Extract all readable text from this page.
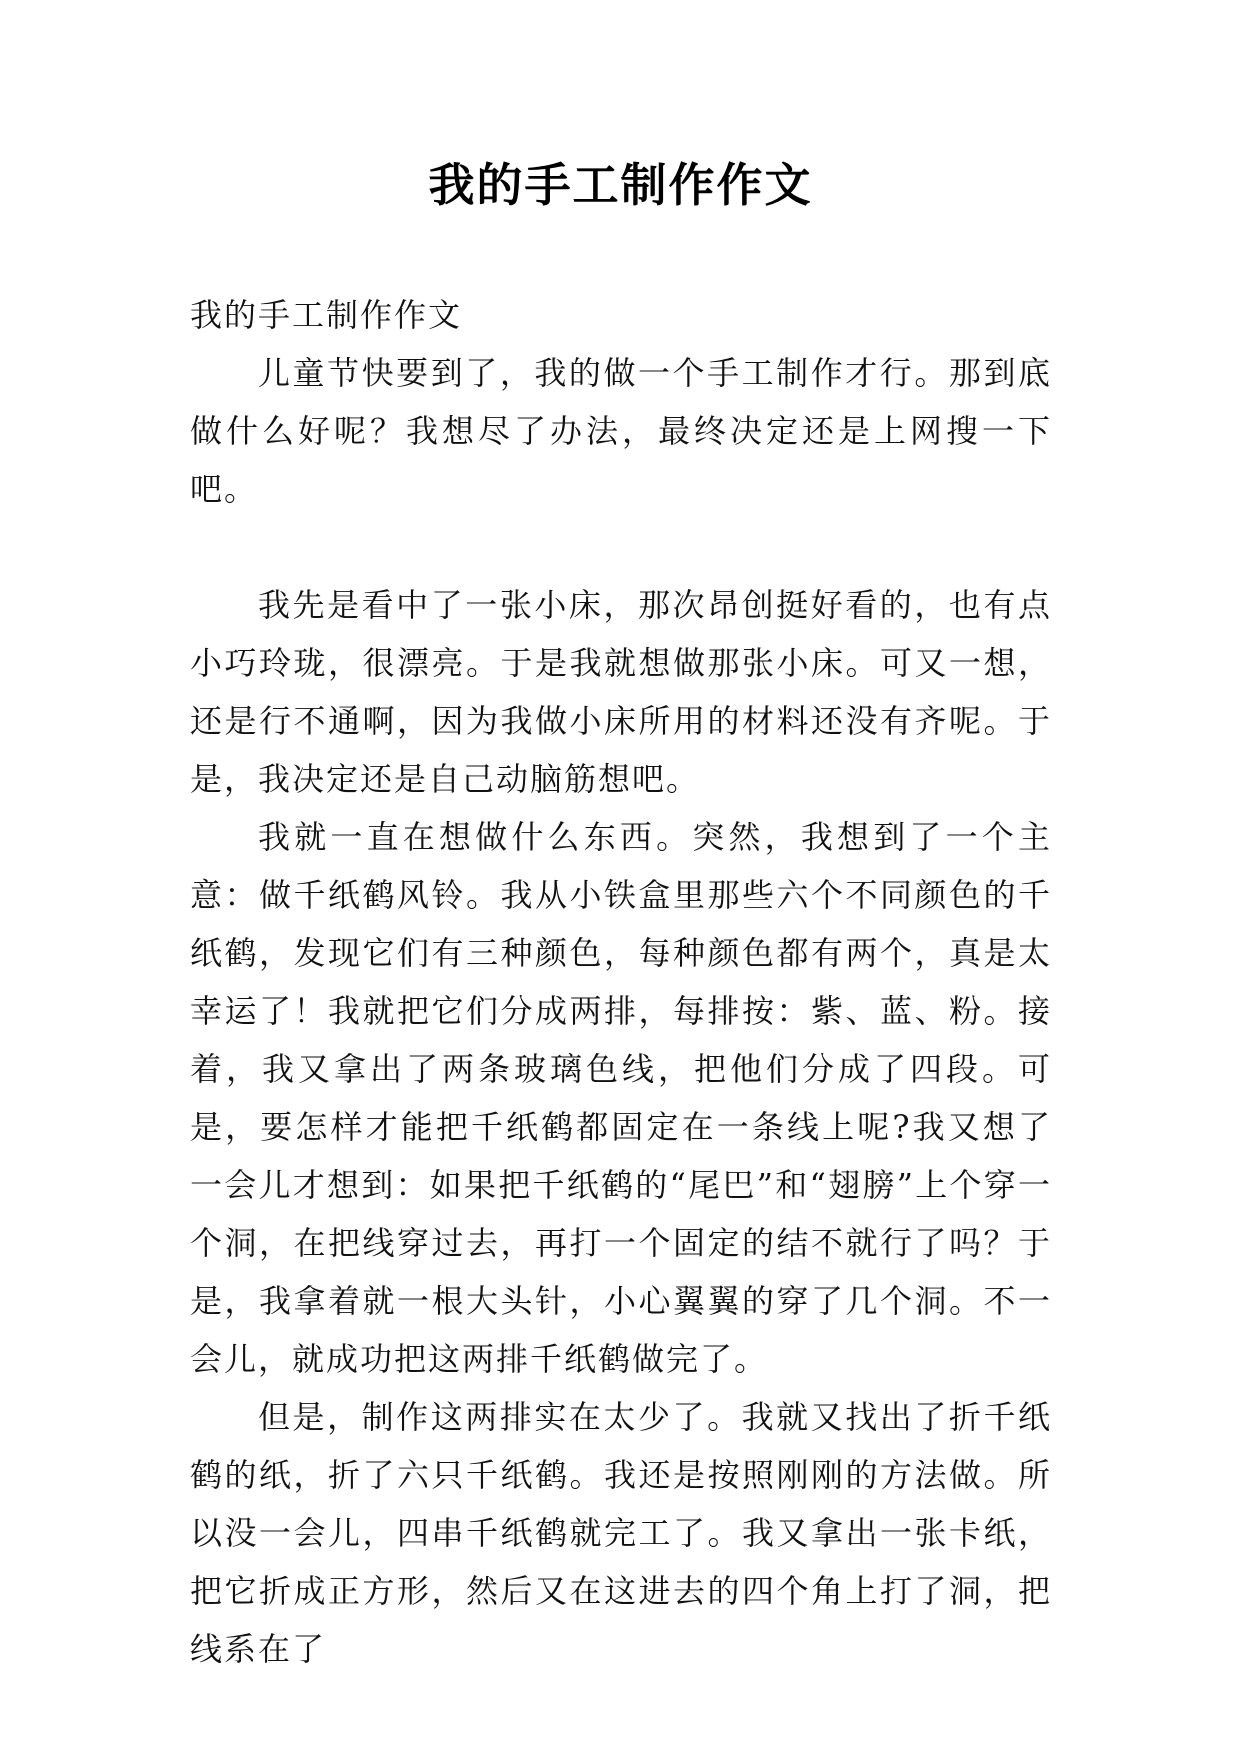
我的手工制作作文

我的手工制作作文

儿童节快要到了，我的做一个手工制作才行。那到底做什么好呢？我想尽了办法，最终决定还是上网搜一下吧。

我先是看中了一张小床，那次昂创挺好看的，也有点小巧玲珑，很漂亮。于是我就想做那张小床。可又一想，还是行不通啊，因为我做小床所用的材料还没有齐呢。于是，我决定还是自己动脑筋想吧。

我就一直在想做什么东西。突然，我想到了一个主意：做千纸鹤风铃。我从小铁盒里那些六个不同颜色的千纸鹤，发现它们有三种颜色，每种颜色都有两个，真是太幸运了！我就把它们分成两排，每排按：紫、蓝、粉。接着，我又拿出了两条玻璃色线，把他们分成了四段。可是，要怎样才能把千纸鹤都固定在一条线上呢?我又想了一会儿才想到：如果把千纸鹤的“尾巴”和“翅膀”上个穿一个洞，在把线穿过去，再打一个固定的结不就行了吗？于是，我拿着就一根大头针，小心翼翼的穿了几个洞。不一会儿，就成功把这两排千纸鹤做完了。

但是，制作这两排实在太少了。我就又找出了折千纸鹤的纸，折了六只千纸鹤。我还是按照刚刚的方法做。所以没一会儿，四串千纸鹤就完工了。我又拿出一张卡纸，把它折成正方形，然后又在这进去的四个角上打了洞，把线系在了
